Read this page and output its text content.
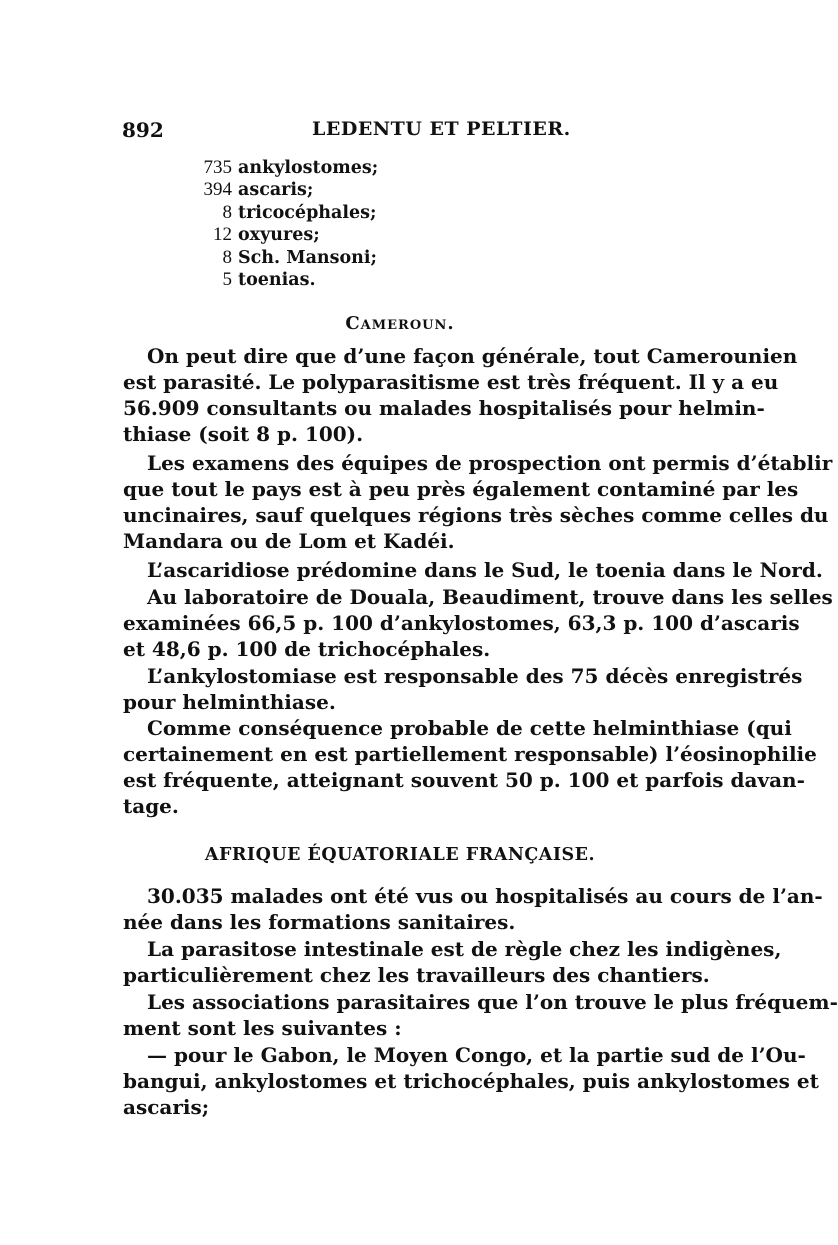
892	LEDENTU ET PELTIER.
735 ankylostomes;
394 ascaris;
8 tricocéphales;
12 oxyures;
8 Sch. Mansoni;
5 toenias.
Cameroun.

On peut dire que d’une façon générale, tout Camerounien
est parasité. Le polyparasitisme est très fréquent. Il y a eu
56.909 consultants ou malades hospitalisés pour helmin-
thiase (soit 8 p. 100).

Les examens des équipes de prospection ont permis d’établir
que tout le pays est à peu près également contaminé par les
uncinaires, sauf quelques régions très sèches comme celles du
Mandara ou de Lom et Kadéi.

L’ascaridiose prédomine dans le Sud, le toenia dans le Nord.

Au laboratoire de Douala, Beaudiment, trouve dans les selles
examinées 66,5 p. 100 d’ankylostomes, 63,3 p. 100 d’ascaris
et 48,6 p. 100 de trichocéphales.

L’ankylostomiase est responsable des 75 décès enregistrés
pour helminthiase.

Comme conséquence probable de cette helminthiase (qui
certainement en est partiellement responsable) l’éosinophilie
est fréquente, atteignant souvent 50 p. 100 et parfois davan-
tage.

AFRIQUE ÉQUATORIALE FRANÇAISE.

30.035 malades ont été vus ou hospitalisés au cours de l’an-
née dans les formations sanitaires.

La parasitose intestinale est de règle chez les indigènes,
particulièrement chez les travailleurs des chantiers.

Les associations parasitaires que l’on trouve le plus fréquem-
ment sont les suivantes :

— pour le Gabon, le Moyen Congo, et la partie sud de l’Ou-
bangui, ankylostomes et trichocéphales, puis ankylostomes et
ascaris;
